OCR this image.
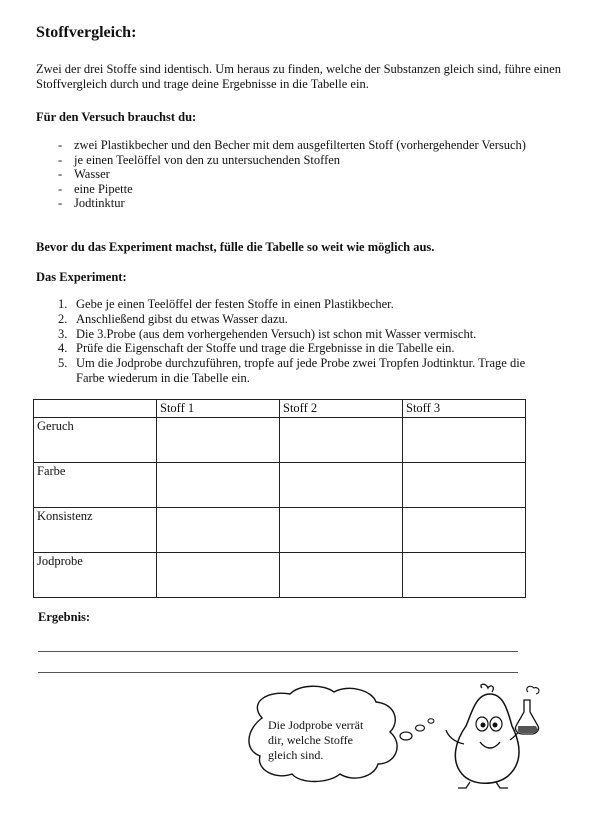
Stoffvergleich:
Zwei der drei Stoffe sind identisch. Um heraus zu finden, welche der Substanzen gleich sind, führe einen Stoffvergleich durch und trage deine Ergebnisse in die Tabelle ein.
Für den Versuch brauchst du:
- zwei Plastikbecher und den Becher mit dem ausgefilterten Stoff (vorhergehender Versuch)
- je einen Teelöffel von den zu untersuchenden Stoffen
- Wasser
- eine Pipette
- Jodtinktur
Bevor du das Experiment machst, fülle die Tabelle so weit wie möglich aus.
Das Experiment:
1. Gebe je einen Teelöffel der festen Stoffe in einen Plastikbecher.
2. Anschließend gibst du etwas Wasser dazu.
3. Die 3.Probe (aus dem vorhergehenden Versuch) ist schon mit Wasser vermischt.
4. Prüfe die Eigenschaft der Stoffe und trage die Ergebnisse in die Tabelle ein.
5. Um die Jodprobe durchzuführen, tropfe auf jede Probe zwei Tropfen Jodtinktur. Trage die Farbe wiederum in die Tabelle ein.
	Stoff 1	Stoff 2	Stoff 3
Geruch			
Farbe			
Konsistenz			
Jodprobe			
Ergebnis:
Die Jodprobe verrät dir, welche Stoffe gleich sind.
